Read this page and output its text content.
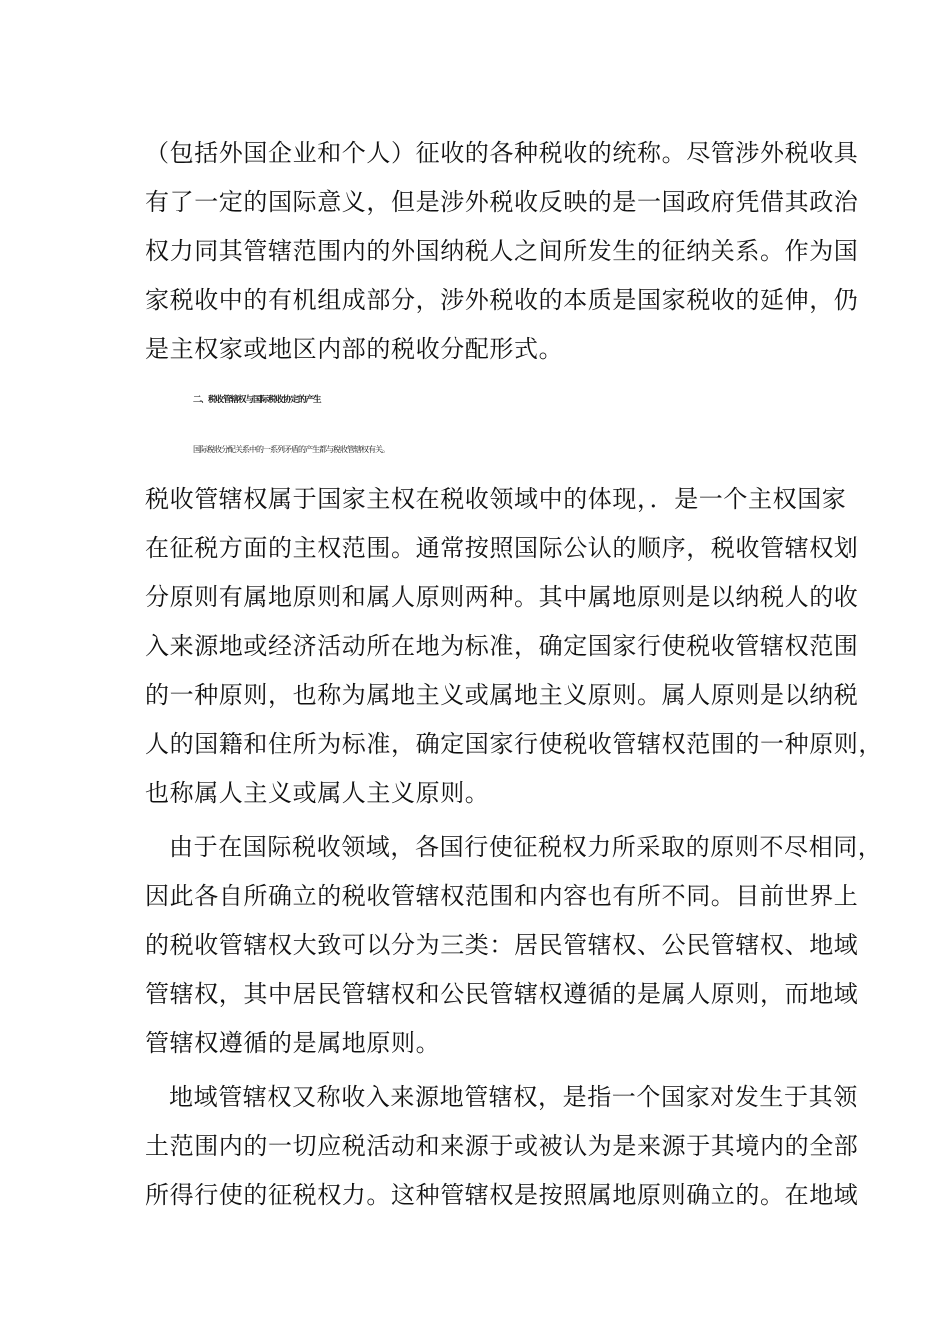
（包括外国企业和个人）征收的各种税收的统称。尽管涉外税收具

有了一定的国际意义，但是涉外税收反映的是一国政府凭借其政治

权力同其管辖范围内的外国纳税人之间所发生的征纳关系。作为国

家税收中的有机组成部分，涉外税收的本质是国家税收的延伸，仍

是主权家或地区内部的税收分配形式。

二、税收管辖权与国际税收协定的产生

国际税收分配关系中的一系列矛盾的产生都与税收管辖权有关。

税收管辖权属于国家主权在税收领域中的体现，．是一个主权国家

在征税方面的主权范围。通常按照国际公认的顺序，税收管辖权划

分原则有属地原则和属人原则两种。其中属地原则是以纳税人的收

入来源地或经济活动所在地为标准，确定国家行使税收管辖权范围

的一种原则，也称为属地主义或属地主义原则。属人原则是以纳税

人的国籍和住所为标准，确定国家行使税收管辖权范围的一种原则，

也称属人主义或属人主义原则。

由于在国际税收领域，各国行使征税权力所采取的原则不尽相同，

因此各自所确立的税收管辖权范围和内容也有所不同。目前世界上

的税收管辖权大致可以分为三类：居民管辖权、公民管辖权、地域

管辖权，其中居民管辖权和公民管辖权遵循的是属人原则，而地域

管辖权遵循的是属地原则。

地域管辖权又称收入来源地管辖权，是指一个国家对发生于其领

土范围内的一切应税活动和来源于或被认为是来源于其境内的全部

所得行使的征税权力。这种管辖权是按照属地原则确立的。在地域
